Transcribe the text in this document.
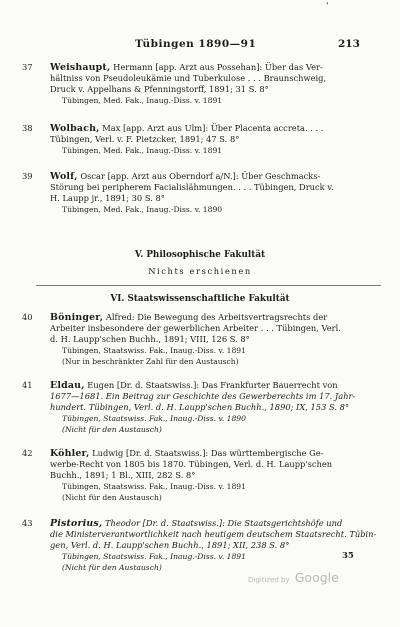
'
Tübingen 1890—91	213
37	Weishaupt, Hermann [app. Arzt aus Possehan]: Über das Ver-
hältniss von Pseudoleukämie und Tuberkulose . . . Braunschweig,
Druck v. Appelhans & Pfenningstorff, 1891; 31 S. 8°
Tübingen, Med. Fak., Inaug.-Diss. v. 1891
38	Wolbach, Max [app. Arzt aus Ulm]: Über Placenta accreta. . . .
Tübingen, Verl. v. F. Pietzcker, 1891; 47 S. 8°
Tübingen, Med. Fak., Inaug.-Diss. v. 1891
39	Wolf, Oscar [app. Arzt aus Oberndorf a/N.]: Über Geschmacks-
Störung bei peripherem Facialislähmungen. . . . Tübingen, Druck v.
H. Laupp jr., 1891; 30 S. 8°
Tübingen, Med. Fak., Inaug.-Diss. v. 1890
V. Philosophische Fakultät
Nichts erschienen
VI. Staatswissenschaftliche Fakultät
40	Böninger, Alfred: Die Bewegung des Arbeitsvertragsrechts der
Arbeiter insbesondere der gewerblichen Arbeiter . . . Tübingen, Verl.
d. H. Laupp'schen Buchh., 1891; VIII, 126 S. 8°
Tübingen, Staatswiss. Fak., Inaug.-Diss. v. 1891
(Nur in beschränkter Zahl für den Austausch)
41	Eldau, Eugen [Dr. d. Staatswiss.]: Das Frankfurter Bauerrecht von
1677—1681. Ein Beitrag zur Geschichte des Gewerberechts im 17. Jahr-
hundert. Tübingen, Verl. d. H. Laupp'schen Buchh., 1890; IX, 153 S. 8°
Tübingen, Staatswiss. Fak., Inaug.-Diss. v. 1890
(Nicht für den Austausch)
42	Köhler, Ludwig [Dr. d. Staatswiss.]: Das württembergische Ge-
werbe-Recht von 1805 bis 1870. Tübingen, Verl. d. H. Laupp'schen
Buchh., 1891; 1 Bl., XIII, 282 S. 8°
Tübingen, Staatswiss. Fak., Inaug.-Diss. v. 1891
(Nicht für den Austausch)
43	Pistorius, Theodor [Dr. d. Staatswiss.]: Die Staatsgerichtshöfe und
die Ministerverantwortlichkeit nach heutigem deutschem Staatsrecht. Tübin-
gen, Verl. d. H. Laupp'schen Buchh., 1891; XII, 238 S. 8°
Tübingen, Staatswiss. Fak., Inaug.-Diss. v. 1891
(Nicht für den Austausch)
35
Digitized by Google
